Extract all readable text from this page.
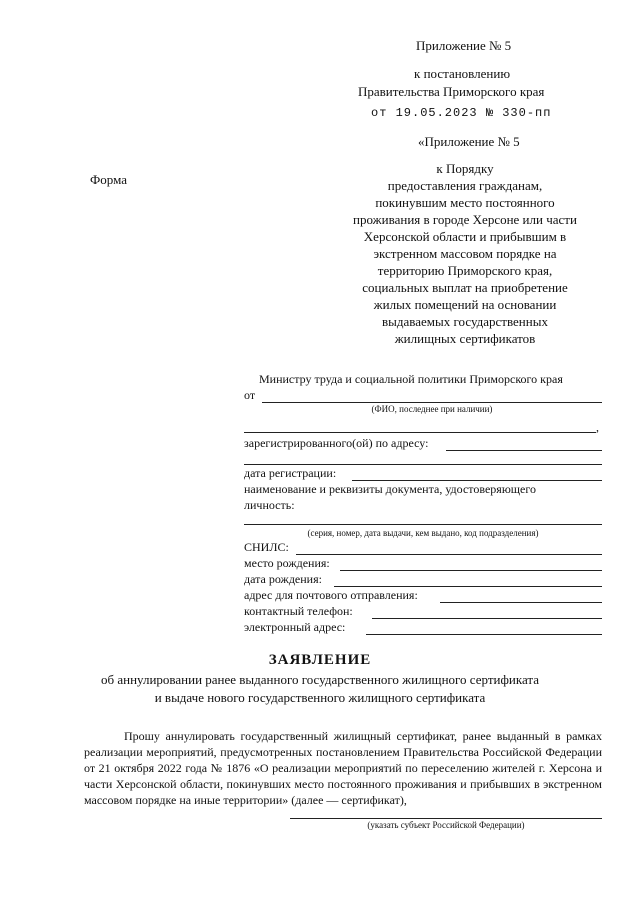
Приложение № 5
к постановлению
Правительства Приморского края
от 19.05.2023 № 330-пп
«Приложение № 5
к Порядку
предоставления гражданам,
покинувшим место постоянного
проживания в городе Херсоне или части
Херсонской области и прибывшим в
экстренном массовом порядке на
территорию Приморского края,
социальных выплат на приобретение
жилых помещений на основании
выдаваемых государственных
жилищных сертификатов
Форма
Министру труда и социальной политики Приморского края
от
(ФИО, последнее при наличии)
,
зарегистрированного(ой) по адресу:
дата регистрации:
наименование и реквизиты документа, удостоверяющего
личность:
(серия, номер, дата выдачи, кем выдано, код подразделения)
СНИЛС:
место рождения:
дата рождения:
адрес для почтового отправления:
контактный телефон:
электронный адрес:
ЗАЯВЛЕНИЕ
об аннулировании ранее выданного государственного жилищного сертификата
и выдаче нового государственного жилищного сертификата
Прошу аннулировать государственный жилищный сертификат, ранее выданный в рамках реализации мероприятий, предусмотренных постановлением Правительства Российской Федерации от 21 октября 2022 года № 1876 «О реализации мероприятий по переселению жителей г. Херсона и части Херсонской области, покинувших место постоянного проживания и прибывших в экстренном массовом порядке на иные территории» (далее — сертификат),
(указать субъект Российской Федерации)
